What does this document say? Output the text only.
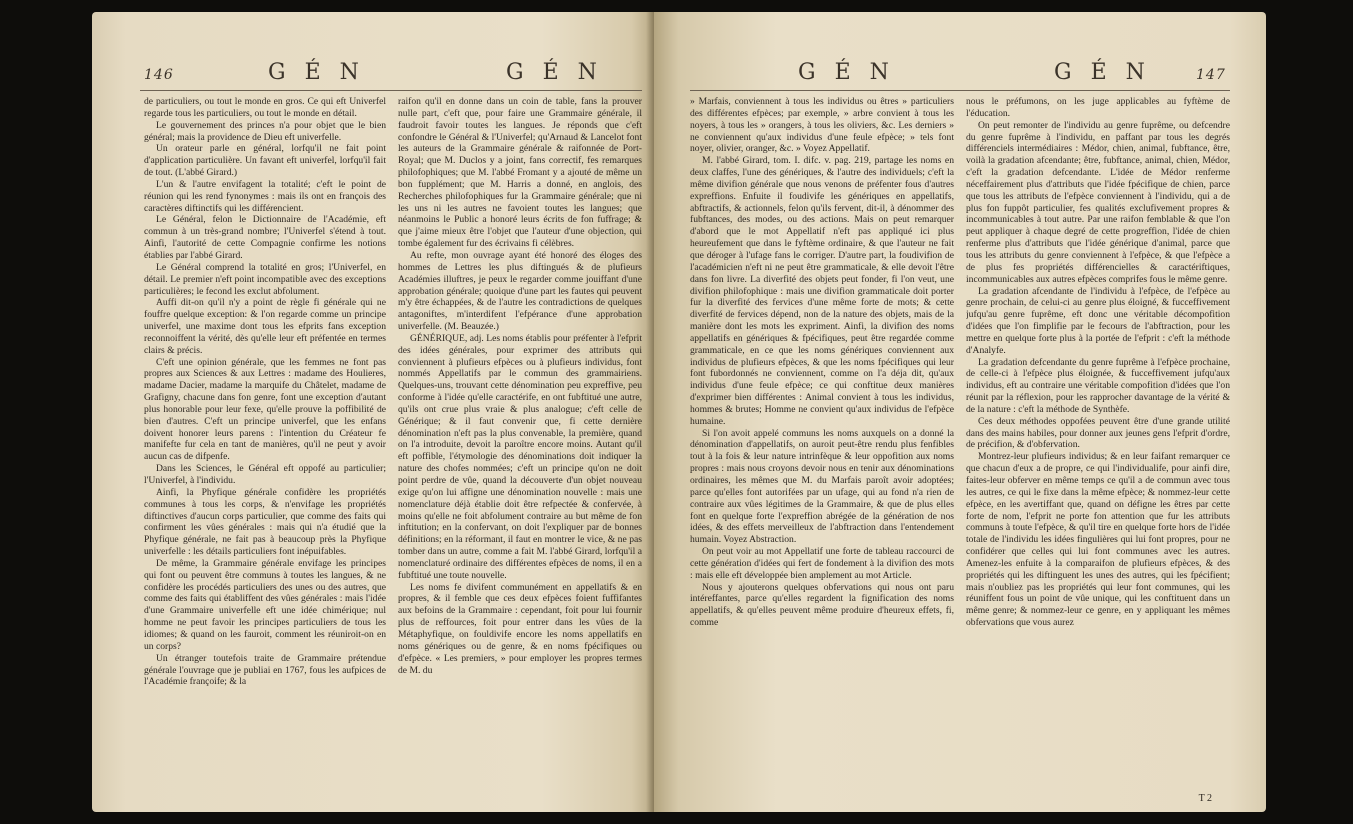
146	G É N	G É N

de particuliers, ou tout le monde en gros. Ce qui eft Univerfel regarde tous les particuliers, ou tout le monde en détail.

Le gouvernement des princes n'a pour objet que le bien général; mais la providence de Dieu eft univerfelle.

Un orateur parle en général, lorfqu'il ne fait point d'application particulière. Un favant eft univerfel, lorfqu'il fait de tout. (L'abbé Girard.)

L'un & l'autre envifagent la totalité; c'eft le point de réunion qui les rend fynonymes : mais ils ont en françois des caractères diftinctifs qui les différencient.

Le Général, felon le Dictionnaire de l'Académie, eft commun à un très-grand nombre; l'Univerfel s'étend à tout. Ainfi, l'autorité de cette Compagnie confirme les notions établies par l'abbé Girard.

Le Général comprend la totalité en gros; l'Univerfel, en détail. Le premier n'eft point incompatible avec des exceptions particulières; le fecond les exclut abfolument.

Auffi dit-on qu'il n'y a point de règle fi générale qui ne fouffre quelque exception: & l'on regarde comme un principe univerfel, une maxime dont tous les efprits fans exception reconnoiffent la vérité, dès qu'elle leur eft préfentée en termes clairs & précis.

C'eft une opinion générale, que les femmes ne font pas propres aux Sciences & aux Lettres : madame des Houlieres, madame Dacier, madame la marquife du Châtelet, madame de Grafigny, chacune dans fon genre, font une exception d'autant plus honorable pour leur fexe, qu'elle prouve la poffibilité de bien d'autres. C'eft un principe univerfel, que les enfans doivent honorer leurs parens : l'intention du Créateur fe manifefte fur cela en tant de manières, qu'il ne peut y avoir aucun cas de difpenfe.

Dans les Sciences, le Général eft oppofé au particulier; l'Univerfel, à l'individu.

Ainfi, la Phyfique générale confidère les propriétés communes à tous les corps, & n'envifage les propriétés diftinctives d'aucun corps particulier, que comme des faits qui confirment les vûes générales : mais qui n'a étudié que la Phyfique générale, ne fait pas à beaucoup près la Phyfique univerfelle : les détails particuliers font inépuifables.

De même, la Grammaire générale envifage les principes qui font ou peuvent être communs à toutes les langues, & ne confidère les procédés particuliers des unes ou des autres, que comme des faits qui établiffent des vûes générales : mais l'idée d'une Grammaire univerfelle eft une idée chimérique; nul homme ne peut favoir les principes particuliers de tous les idiomes; & quand on les fauroit, comment les réuniroit-on en un corps?

Un étranger toutefois traite de Grammaire prétendue générale l'ouvrage que je publiai en 1767, fous les aufpices de l'Académie françoife; & la

raifon qu'il en donne dans un coin de table, fans la prouver nulle part, c'eft que, pour faire une Grammaire générale, il faudroit favoir toutes les langues. Je réponds que c'eft confondre le Général & l'Univerfel; qu'Arnaud & Lancelot font les auteurs de la Grammaire générale & raifonnée de Port-Royal; que M. Duclos y a joint, fans correctif, fes remarques philofophiques; que M. l'abbé Fromant y a ajouté de même un bon fupplément; que M. Harris a donné, en anglois, des Recherches philofophiques fur la Grammaire générale; que ni les uns ni les autres ne favoient toutes les langues; que néanmoins le Public a honoré leurs écrits de fon fuffrage; & que j'aime mieux être l'objet que l'auteur d'une objection, qui tombe également fur des écrivains fi célèbres.

Au refte, mon ouvrage ayant été honoré des éloges des hommes de Lettres les plus diftingués & de plufieurs Académies illuftres, je peux le regarder comme jouiffant d'une approbation générale; quoique d'une part les fautes qui peuvent m'y être échappées, & de l'autre les contradictions de quelques antagoniftes, m'interdifent l'efpérance d'une approbation univerfelle. (M. Beauzée.)

GÉNÉRIQUE, adj. Les noms établis pour préfenter à l'efprit des idées générales, pour exprimer des attributs qui conviennent à plufieurs efpèces ou à plufieurs individus, font nommés Appellatifs par le commun des grammairiens. Quelques-uns, trouvant cette dénomination peu expreffive, peu conforme à l'idée qu'elle caractérife, en ont fubftitué une autre, qu'ils ont crue plus vraie & plus analogue; c'eft celle de Générique; & il faut convenir que, fi cette dernière dénomination n'eft pas la plus convenable, la première, quand on l'a introduite, devoit la paroître encore moins. Autant qu'il eft poffible, l'étymologie des dénominations doit indiquer la nature des chofes nommées; c'eft un principe qu'on ne doit point perdre de vûe, quand la découverte d'un objet nouveau exige qu'on lui affigne une dénomination nouvelle : mais une nomenclature déjà établie doit être refpectée & confervée, à moins qu'elle ne foit abfolument contraire au but même de fon inftitution; en la confervant, on doit l'expliquer par de bonnes définitions; en la réformant, il faut en montrer le vice, & ne pas tomber dans un autre, comme a fait M. l'abbé Girard, lorfqu'il a nomenclaturé ordinaire des différentes efpèces de noms, il en a fubftitué une toute nouvelle.

Les noms fe divifent communément en appellatifs & en propres, & il femble que ces deux efpèces foient fuffifantes aux befoins de la Grammaire : cependant, foit pour lui fournir plus de reffources, foit pour entrer dans les vûes de la Métaphyfique, on fouldivife encore les noms appellatifs en noms génériques ou de genre, & en noms fpécifiques ou d'efpèce. « Les premiers, » pour employer les propres termes de M. du

G É N	G É N	147

» Marfais, conviennent à tous les individus ou êtres » particuliers des différentes efpèces; par exemple, » arbre convient à tous les noyers, à tous les » orangers, à tous les oliviers, &c. Les derniers » ne conviennent qu'aux individus d'une feule efpèce; » tels font noyer, olivier, oranger, &c. » Voyez Appellatif.

M. l'abbé Girard, tom. I. difc. v. pag. 219, partage les noms en deux claffes, l'une des génériques, & l'autre des individuels; c'eft la même divifion générale que nous venons de préfenter fous d'autres expreffions. Enfuite il foudivife les génériques en appellatifs, abftractifs, & actionnels, felon qu'ils fervent, dit-il, à dénommer des fubftances, des modes, ou des actions. Mais on peut remarquer d'abord que le mot Appellatif n'eft pas appliqué ici plus heureufement que dans le fyftème ordinaire, & que l'auteur ne fait que déroger à l'ufage fans le corriger. D'autre part, la foudivifion de l'académicien n'eft ni ne peut être grammaticale, & elle devoit l'être dans fon livre. La diverfité des objets peut fonder, fi l'on veut, une divifion philofophique : mais une divifion grammaticale doit porter fur la diverfité des fervices d'une même forte de mots; & cette diverfité de fervices dépend, non de la nature des objets, mais de la manière dont les mots les expriment. Ainfi, la divifion des noms appellatifs en génériques & fpécifiques, peut être regardée comme grammaticale, en ce que les noms génériques conviennent aux individus de plufieurs efpèces, & que les noms fpécifiques qui leur font fubordonnés ne conviennent, comme on l'a déja dit, qu'aux individus d'une feule efpèce; ce qui conftitue deux manières d'exprimer bien différentes : Animal convient à tous les individus, hommes & brutes; Homme ne convient qu'aux individus de l'efpèce humaine.

Si l'on avoit appelé communs les noms auxquels on a donné la dénomination d'appellatifs, on auroit peut-être rendu plus fenfibles tout à la fois & leur nature intrinfèque & leur oppofition aux noms propres : mais nous croyons devoir nous en tenir aux dénominations ordinaires, les mêmes que M. du Marfais paroît avoir adoptées; parce qu'elles font autorifées par un ufage, qui au fond n'a rien de contraire aux vûes légitimes de la Grammaire, & que de plus elles font en quelque forte l'expreffion abrégée de la génération de nos idées, & des effets merveilleux de l'abftraction dans l'entendement humain. Voyez Abstraction.

On peut voir au mot Appellatif une forte de tableau raccourci de cette génération d'idées qui fert de fondement à la divifion des mots : mais elle eft développée bien amplement au mot Article.

Nous y ajouterons quelques obfervations qui nous ont paru intéreffantes, parce qu'elles regardent la fignification des noms appellatifs, & qu'elles peuvent même produire d'heureux effets, fi, comme

nous le préfumons, on les juge applicables au fyftème de l'éducation.

On peut remonter de l'individu au genre fuprême, ou defcendre du genre fuprême à l'individu, en paffant par tous les degrés différenciels intermédiaires : Médor, chien, animal, fubftance, être, voilà la gradation afcendante; être, fubftance, animal, chien, Médor, c'eft la gradation defcendante. L'idée de Médor renferme néceffairement plus d'attributs que l'idée fpécifique de chien, parce que tous les attributs de l'efpèce conviennent à l'individu, qui a de plus fon fuppôt particulier, fes qualités exclufivement propres & incommunicables à tout autre. Par une raifon femblable & que l'on peut appliquer à chaque degré de cette progreffion, l'idée de chien renferme plus d'attributs que l'idée générique d'animal, parce que tous les attributs du genre conviennent à l'efpèce, & que l'efpèce a de plus fes propriétés différencielles & caractériftiques, incommunicables aux autres efpèces comprifes fous le même genre.

La gradation afcendante de l'individu à l'efpèce, de l'efpèce au genre prochain, de celui-ci au genre plus éloigné, & fucceffivement jufqu'au genre fuprême, eft donc une véritable décompofition d'idées que l'on fimplifie par le fecours de l'abftraction, pour les mettre en quelque forte plus à la portée de l'efprit : c'eft la méthode d'Analyfe.

La gradation defcendante du genre fuprême à l'efpèce prochaine, de celle-ci à l'efpèce plus éloignée, & fucceffivement jufqu'aux individus, eft au contraire une véritable compofition d'idées que l'on réunit par la réflexion, pour les rapprocher davantage de la vérité & de la nature : c'eft la méthode de Synthèfe.

Ces deux méthodes oppofées peuvent être d'une grande utilité dans des mains habiles, pour donner aux jeunes gens l'efprit d'ordre, de précifion, & d'obfervation.

Montrez-leur plufieurs individus; & en leur faifant remarquer ce que chacun d'eux a de propre, ce qui l'individualife, pour ainfi dire, faites-leur obferver en même temps ce qu'il a de commun avec tous les autres, ce qui le fixe dans la même efpèce; & nommez-leur cette efpèce, en les avertiffant que, quand on défigne les êtres par cette forte de nom, l'efprit ne porte fon attention que fur les attributs communs à toute l'efpèce, & qu'il tire en quelque forte hors de l'idée totale de l'individu les idées fingulières qui lui font propres, pour ne confidérer que celles qui lui font communes avec les autres. Amenez-les enfuite à la comparaifon de plufieurs efpèces, & des propriétés qui les diftinguent les unes des autres, qui les fpécifient; mais n'oubliez pas les propriétés qui leur font communes, qui les réuniffent fous un point de vûe unique, qui les conftituent dans un même genre; & nommez-leur ce genre, en y appliquant les mêmes obfervations que vous aurez

T 2
